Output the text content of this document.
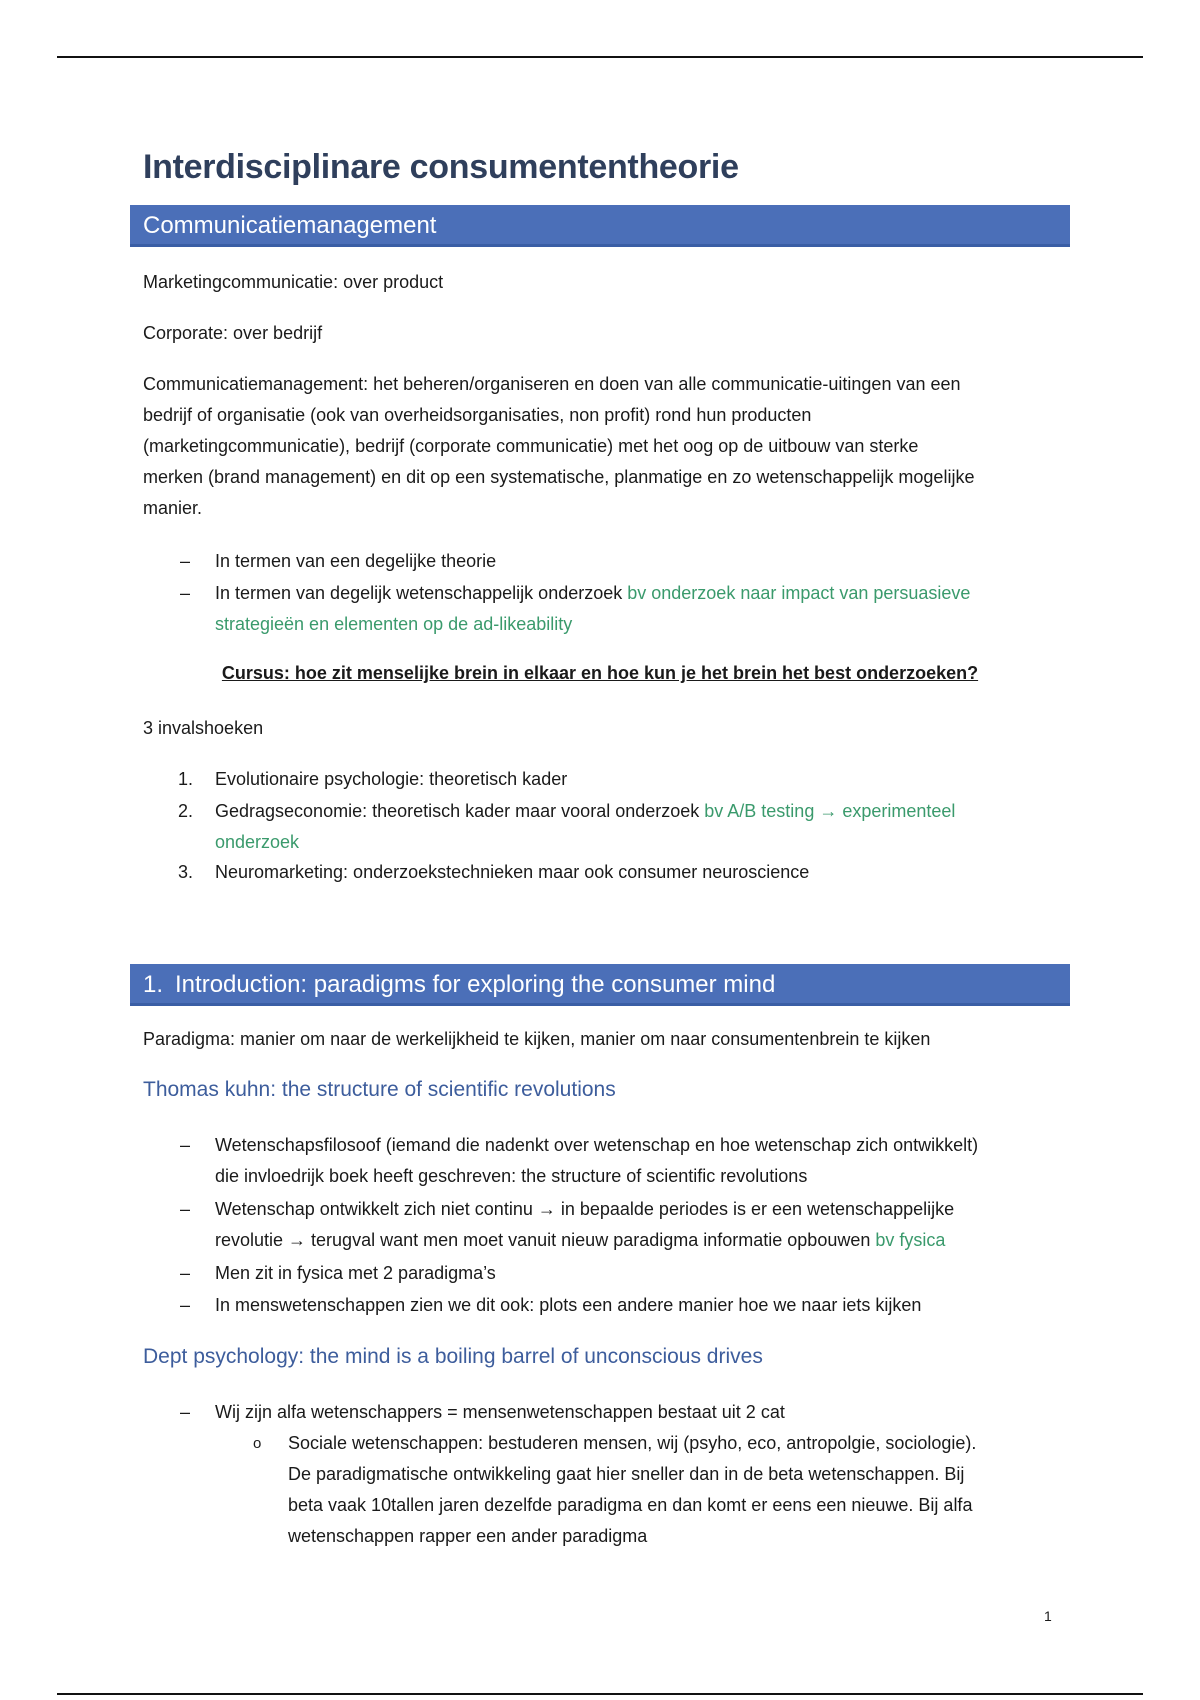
Interdisciplinare consumententheorie
Communicatiemanagement
Marketingcommunicatie: over product
Corporate: over bedrijf
Communicatiemanagement: het beheren/organiseren en doen van alle communicatie-uitingen van een
bedrijf of organisatie (ook van overheidsorganisaties, non profit) rond hun producten
(marketingcommunicatie), bedrijf (corporate communicatie) met het oog op de uitbouw van sterke
merken (brand management) en dit op een systematische, planmatige en zo wetenschappelijk mogelijke
manier.
– In termen van een degelijke theorie
– In termen van degelijk wetenschappelijk onderzoek bv onderzoek naar impact van persuasieve
strategieën en elementen op de ad-likeability
Cursus: hoe zit menselijke brein in elkaar en hoe kun je het brein het best onderzoeken?
3 invalshoeken
1. Evolutionaire psychologie: theoretisch kader
2. Gedragseconomie: theoretisch kader maar vooral onderzoek bv A/B testing → experimenteel
onderzoek
3. Neuromarketing: onderzoekstechnieken maar ook consumer neuroscience
1. Introduction: paradigms for exploring the consumer mind
Paradigma: manier om naar de werkelijkheid te kijken, manier om naar consumentenbrein te kijken
Thomas kuhn: the structure of scientific revolutions
– Wetenschapsfilosoof (iemand die nadenkt over wetenschap en hoe wetenschap zich ontwikkelt)
die invloedrijk boek heeft geschreven: the structure of scientific revolutions
– Wetenschap ontwikkelt zich niet continu → in bepaalde periodes is er een wetenschappelijke
revolutie → terugval want men moet vanuit nieuw paradigma informatie opbouwen bv fysica
– Men zit in fysica met 2 paradigma’s
– In menswetenschappen zien we dit ook: plots een andere manier hoe we naar iets kijken
Dept psychology: the mind is a boiling barrel of unconscious drives
– Wij zijn alfa wetenschappers = mensenwetenschappen bestaat uit 2 cat
o Sociale wetenschappen: bestuderen mensen, wij (psyho, eco, antropolgie, sociologie).
De paradigmatische ontwikkeling gaat hier sneller dan in de beta wetenschappen. Bij
beta vaak 10tallen jaren dezelfde paradigma en dan komt er eens een nieuwe. Bij alfa
wetenschappen rapper een ander paradigma
1
